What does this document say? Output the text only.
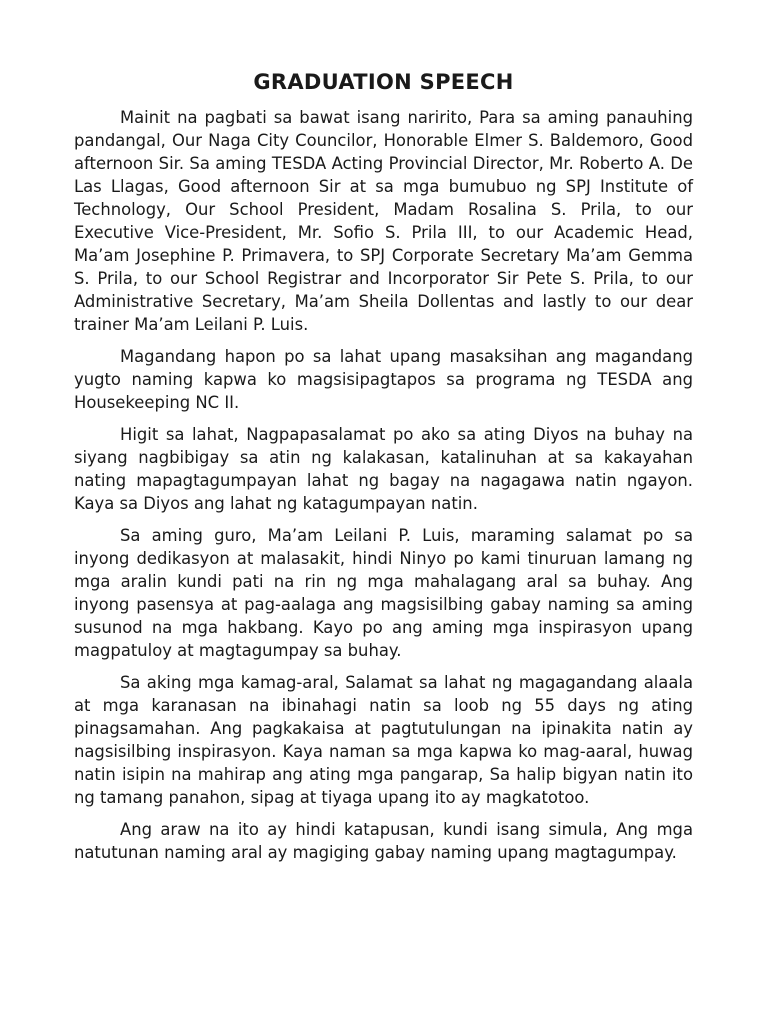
GRADUATION SPEECH

Mainit na pagbati sa bawat isang naririto, Para sa aming panauhing pandangal, Our Naga City Councilor, Honorable Elmer S. Baldemoro, Good afternoon Sir. Sa aming TESDA Acting Provincial Director, Mr. Roberto A. De Las Llagas, Good afternoon Sir at sa mga bumubuo ng SPJ Institute of Technology, Our School President, Madam Rosalina S. Prila, to our Executive Vice-President, Mr. Sofio S. Prila III, to our Academic Head, Ma’am Josephine P. Primavera, to SPJ Corporate Secretary Ma’am Gemma S. Prila, to our School Registrar and Incorporator Sir Pete S. Prila, to our Administrative Secretary, Ma’am Sheila Dollentas and lastly to our dear trainer Ma’am Leilani P. Luis.

Magandang hapon po sa lahat upang masaksihan ang magandang yugto naming kapwa ko magsisipagtapos sa programa ng TESDA ang Housekeeping NC II.

Higit sa lahat, Nagpapasalamat po ako sa ating Diyos na buhay na siyang nagbibigay sa atin ng kalakasan, katalinuhan at sa kakayahan nating mapagtagumpayan lahat ng bagay na nagagawa natin ngayon. Kaya sa Diyos ang lahat ng katagumpayan natin.

Sa aming guro, Ma’am Leilani P. Luis, maraming salamat po sa inyong dedikasyon at malasakit, hindi Ninyo po kami tinuruan lamang ng mga aralin kundi pati na rin ng mga mahalagang aral sa buhay. Ang inyong pasensya at pag-aalaga ang magsisilbing gabay naming sa aming susunod na mga hakbang. Kayo po ang aming mga inspirasyon upang magpatuloy at magtagumpay sa buhay.

Sa aking mga kamag-aral, Salamat sa lahat ng magagandang alaala at mga karanasan na ibinahagi natin sa loob ng 55 days ng ating pinagsamahan. Ang pagkakaisa at pagtutulungan na ipinakita natin ay nagsisilbing inspirasyon. Kaya naman sa mga kapwa ko mag-aaral, huwag natin isipin na mahirap ang ating mga pangarap, Sa halip bigyan natin ito ng tamang panahon, sipag at tiyaga upang ito ay magkatotoo.

Ang araw na ito ay hindi katapusan, kundi isang simula, Ang mga natutunan naming aral ay magiging gabay naming upang magtagumpay.
